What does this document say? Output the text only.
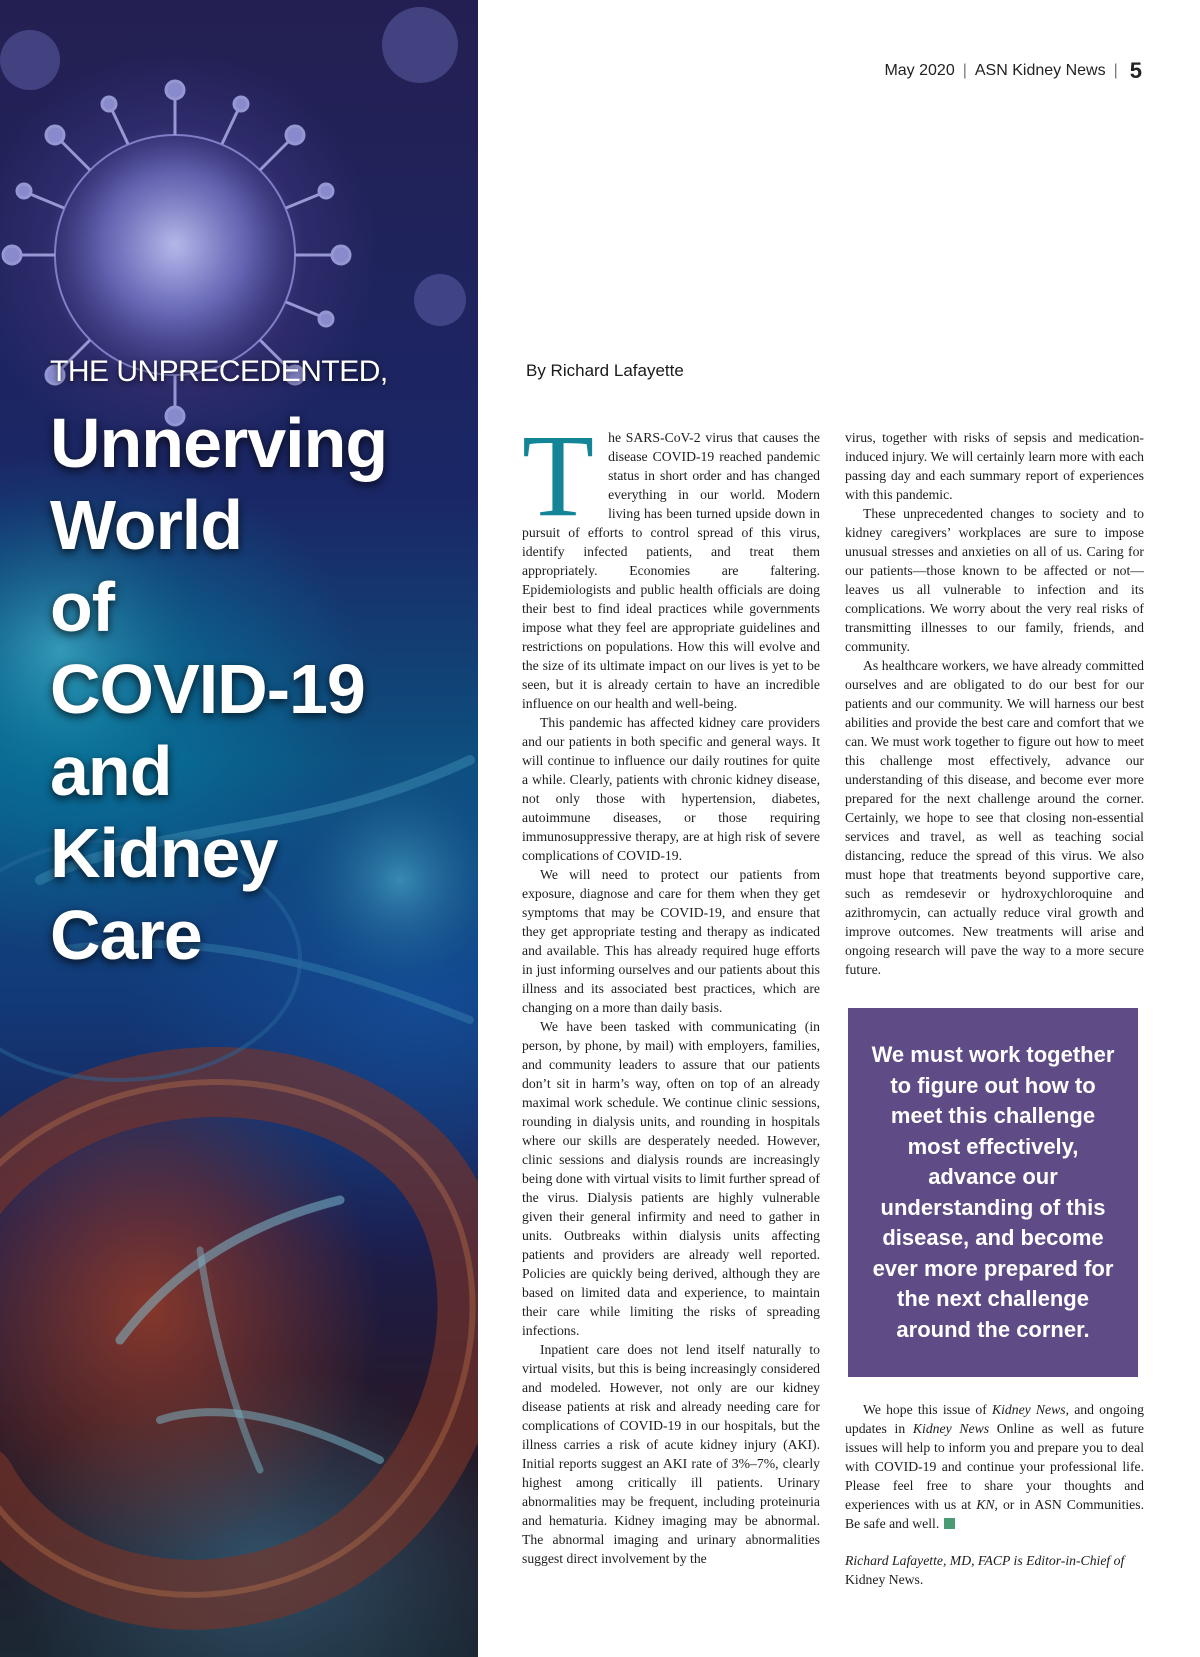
THE UNPRECEDENTED,
Unnerving
World
of
COVID-19
and
Kidney
Care
May 2020 | ASN Kidney News | 5
By Richard Lafayette

T he SARS-CoV-2 virus that causes the disease COVID-19 reached pandemic status in short order and has changed everything in our world. Modern living has been turned upside down in pursuit of efforts to control spread of this virus, identify infected patients, and treat them appropriately. Economies are faltering. Epidemiologists and public health officials are doing their best to find ideal practices while governments impose what they feel are appropriate guidelines and restrictions on populations. How this will evolve and the size of its ultimate impact on our lives is yet to be seen, but it is already certain to have an incredible influence on our health and well-being.

This pandemic has affected kidney care providers and our patients in both specific and general ways. It will continue to influence our daily routines for quite a while. Clearly, patients with chronic kidney disease, not only those with hypertension, diabetes, autoimmune diseases, or those requiring immunosuppressive therapy, are at high risk of severe complications of COVID-19.

We will need to protect our patients from exposure, diagnose and care for them when they get symptoms that may be COVID-19, and ensure that they get appropriate testing and therapy as indicated and available. This has already required huge efforts in just informing ourselves and our patients about this illness and its associated best practices, which are changing on a more than daily basis.

We have been tasked with communicating (in person, by phone, by mail) with employers, families, and community leaders to assure that our patients don’t sit in harm’s way, often on top of an already maximal work schedule. We continue clinic sessions, rounding in dialysis units, and rounding in hospitals where our skills are desperately needed. However, clinic sessions and dialysis rounds are increasingly being done with virtual visits to limit further spread of the virus. Dialysis patients are highly vulnerable given their general infirmity and need to gather in units. Outbreaks within dialysis units affecting patients and providers are already well reported. Policies are quickly being derived, although they are based on limited data and experience, to maintain their care while limiting the risks of spreading infections.

Inpatient care does not lend itself naturally to virtual visits, but this is being increasingly considered and modeled. However, not only are our kidney disease patients at risk and already needing care for complications of COVID-19 in our hospitals, but the illness carries a risk of acute kidney injury (AKI). Initial reports suggest an AKI rate of 3%–7%, clearly highest among critically ill patients. Urinary abnormalities may be frequent, including proteinuria and hematuria. Kidney imaging may be abnormal. The abnormal imaging and urinary abnormalities suggest direct involvement by the

virus, together with risks of sepsis and medication-induced injury. We will certainly learn more with each passing day and each summary report of experiences with this pandemic.

These unprecedented changes to society and to kidney caregivers’ workplaces are sure to impose unusual stresses and anxieties on all of us. Caring for our patients—those known to be affected or not—leaves us all vulnerable to infection and its complications. We worry about the very real risks of transmitting illnesses to our family, friends, and community.

As healthcare workers, we have already committed ourselves and are obligated to do our best for our patients and our community. We will harness our best abilities and provide the best care and comfort that we can. We must work together to figure out how to meet this challenge most effectively, advance our understanding of this disease, and become ever more prepared for the next challenge around the corner. Certainly, we hope to see that closing non-essential services and travel, as well as teaching social distancing, reduce the spread of this virus. We also must hope that treatments beyond supportive care, such as remdesevir or hydroxychloroquine and azithromycin, can actually reduce viral growth and improve outcomes. New treatments will arise and ongoing research will pave the way to a more secure future.

We must work together to figure out how to meet this challenge most effectively, advance our understanding of this disease, and become ever more prepared for the next challenge around the corner.

We hope this issue of Kidney News, and ongoing updates in Kidney News Online as well as future issues will help to inform you and prepare you to deal with COVID-19 and continue your professional life. Please feel free to share your thoughts and experiences with us at KN, or in ASN Communities. Be safe and well.

Richard Lafayette, MD, FACP is Editor-in-Chief of Kidney News.
